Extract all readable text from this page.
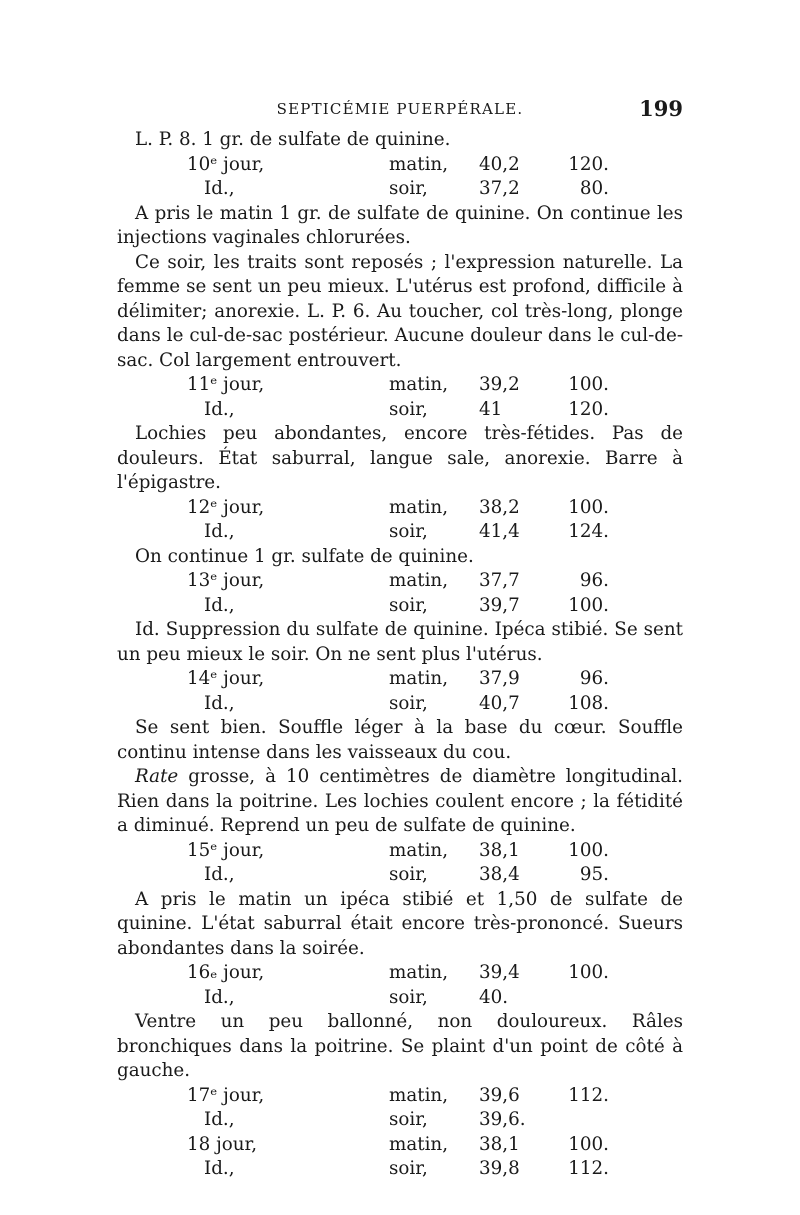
SEPTICÉMIE PUERPÉRALE.	199

L. P. 8. 1 gr. de sulfate de quinine.

10ᵉ jour,	matin, 40,2	120.
Id.,	soir,	37,2	80.

A pris le matin 1 gr. de sulfate de quinine. On continue les injections vaginales chlorurées.

Ce soir, les traits sont reposés ; l'expression naturelle. La femme se sent un peu mieux. L'utérus est profond, difficile à délimiter; anorexie. L. P. 6. Au toucher, col très-long, plonge dans le cul-de-sac postérieur. Aucune douleur dans le cul-de-sac. Col largement entrouvert.

11ᵉ jour,	matin, 39,2	100.
Id.,	soir,	41	120.

Lochies peu abondantes, encore très-fétides. Pas de douleurs. État saburral, langue sale, anorexie. Barre à l'épigastre.

12ᵉ jour,	matin, 38,2	100.
Id.,	soir,	41,4	124.

On continue 1 gr. sulfate de quinine.

13ᵉ jour,	matin, 37,7	96.
Id.,	soir,	39,7	100.

Id. Suppression du sulfate de quinine. Ipéca stibié. Se sent un peu mieux le soir. On ne sent plus l'utérus.

14ᵉ jour,	matin, 37,9	96.
Id.,	soir,	40,7	108.

Se sent bien. Souffle léger à la base du cœur. Souffle continu intense dans les vaisseaux du cou.

Rate grosse, à 10 centimètres de diamètre longitudinal. Rien dans la poitrine. Les lochies coulent encore ; la fétidité a diminué. Reprend un peu de sulfate de quinine.

15ᵉ jour,	matin, 38,1	100.
Id.,	soir,	38,4	95.

A pris le matin un ipéca stibié et 1,50 de sulfate de quinine. L'état saburral était encore très-prononcé. Sueurs abondantes dans la soirée.

16ₑ jour,	matin, 39,4	100.
Id.,	soir,	40.

Ventre un peu ballonné, non douloureux. Râles bronchiques dans la poitrine. Se plaint d'un point de côté à gauche.

17ᵉ jour,	matin, 39,6	112.
Id.,	soir,	39,6.
18 jour,	matin, 38,1	100.
Id.,	soir,	39,8	112.
